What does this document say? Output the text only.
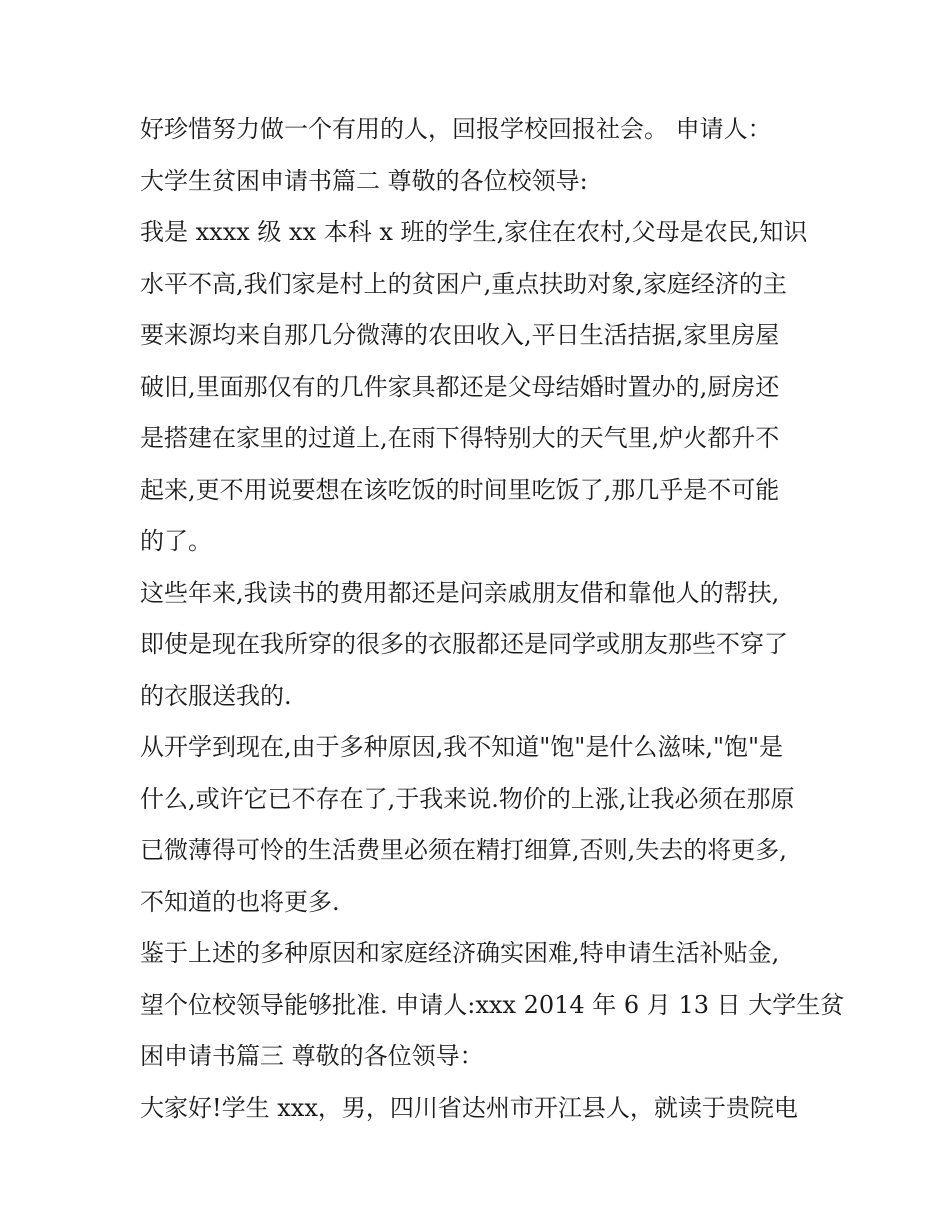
好珍惜努力做一个有用的人，回报学校回报社会。 申请人：
大学生贫困申请书篇二 尊敬的各位校领导:
我是 xxxx 级 xx 本科 x 班的学生,家住在农村,父母是农民,知识
水平不高,我们家是村上的贫困户,重点扶助对象,家庭经济的主
要来源均来自那几分微薄的农田收入,平日生活拮据,家里房屋
破旧,里面那仅有的几件家具都还是父母结婚时置办的,厨房还
是搭建在家里的过道上,在雨下得特别大的天气里,炉火都升不
起来,更不用说要想在该吃饭的时间里吃饭了,那几乎是不可能
的了。
这些年来,我读书的费用都还是问亲戚朋友借和靠他人的帮扶,
即使是现在我所穿的很多的衣服都还是同学或朋友那些不穿了
的衣服送我的.
从开学到现在,由于多种原因,我不知道"饱"是什么滋味,"饱"是
什么,或许它已不存在了,于我来说.物价的上涨,让我必须在那原
已微薄得可怜的生活费里必须在精打细算,否则,失去的将更多,
不知道的也将更多.
鉴于上述的多种原因和家庭经济确实困难,特申请生活补贴金,
望个位校领导能够批准. 申请人:xxx 2014 年 6 月 13 日 大学生贫
困申请书篇三 尊敬的各位领导：
大家好!学生 xxx，男，四川省达州市开江县人，就读于贵院电
